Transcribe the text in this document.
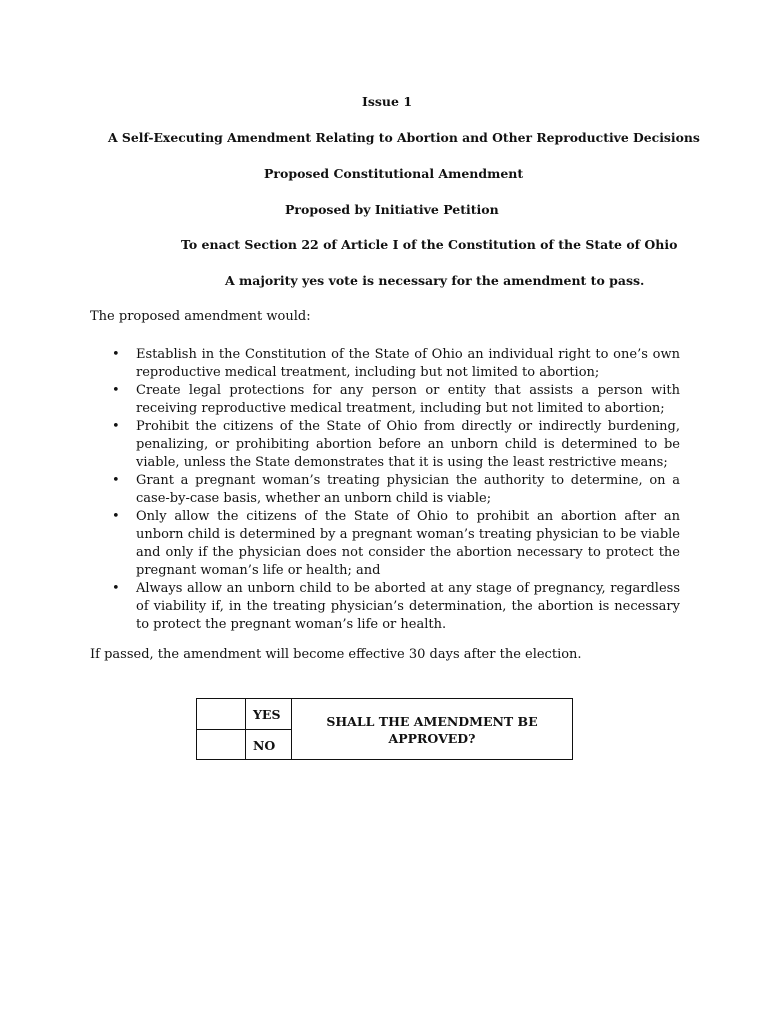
Issue 1
A Self-Executing Amendment Relating to Abortion and Other Reproductive Decisions
Proposed Constitutional Amendment
Proposed by Initiative Petition
To enact Section 22 of Article I of the Constitution of the State of Ohio
A majority yes vote is necessary for the amendment to pass.
The proposed amendment would:
• Establish in the Constitution of the State of Ohio an individual right to one’s own reproductive medical treatment, including but not limited to abortion;
• Create legal protections for any person or entity that assists a person with receiving reproductive medical treatment, including but not limited to abortion;
• Prohibit the citizens of the State of Ohio from directly or indirectly burdening, penalizing, or prohibiting abortion before an unborn child is determined to be viable, unless the State demonstrates that it is using the least restrictive means;
• Grant a pregnant woman’s treating physician the authority to determine, on a case-by-case basis, whether an unborn child is viable;
• Only allow the citizens of the State of Ohio to prohibit an abortion after an unborn child is determined by a pregnant woman’s treating physician to be viable and only if the physician does not consider the abortion necessary to protect the pregnant woman’s life or health; and
• Always allow an unborn child to be aborted at any stage of pregnancy, regardless of viability if, in the treating physician’s determination, the abortion is necessary to protect the pregnant woman’s life or health.
If passed, the amendment will become effective 30 days after the election.
YES
NO
SHALL THE AMENDMENT BE APPROVED?
